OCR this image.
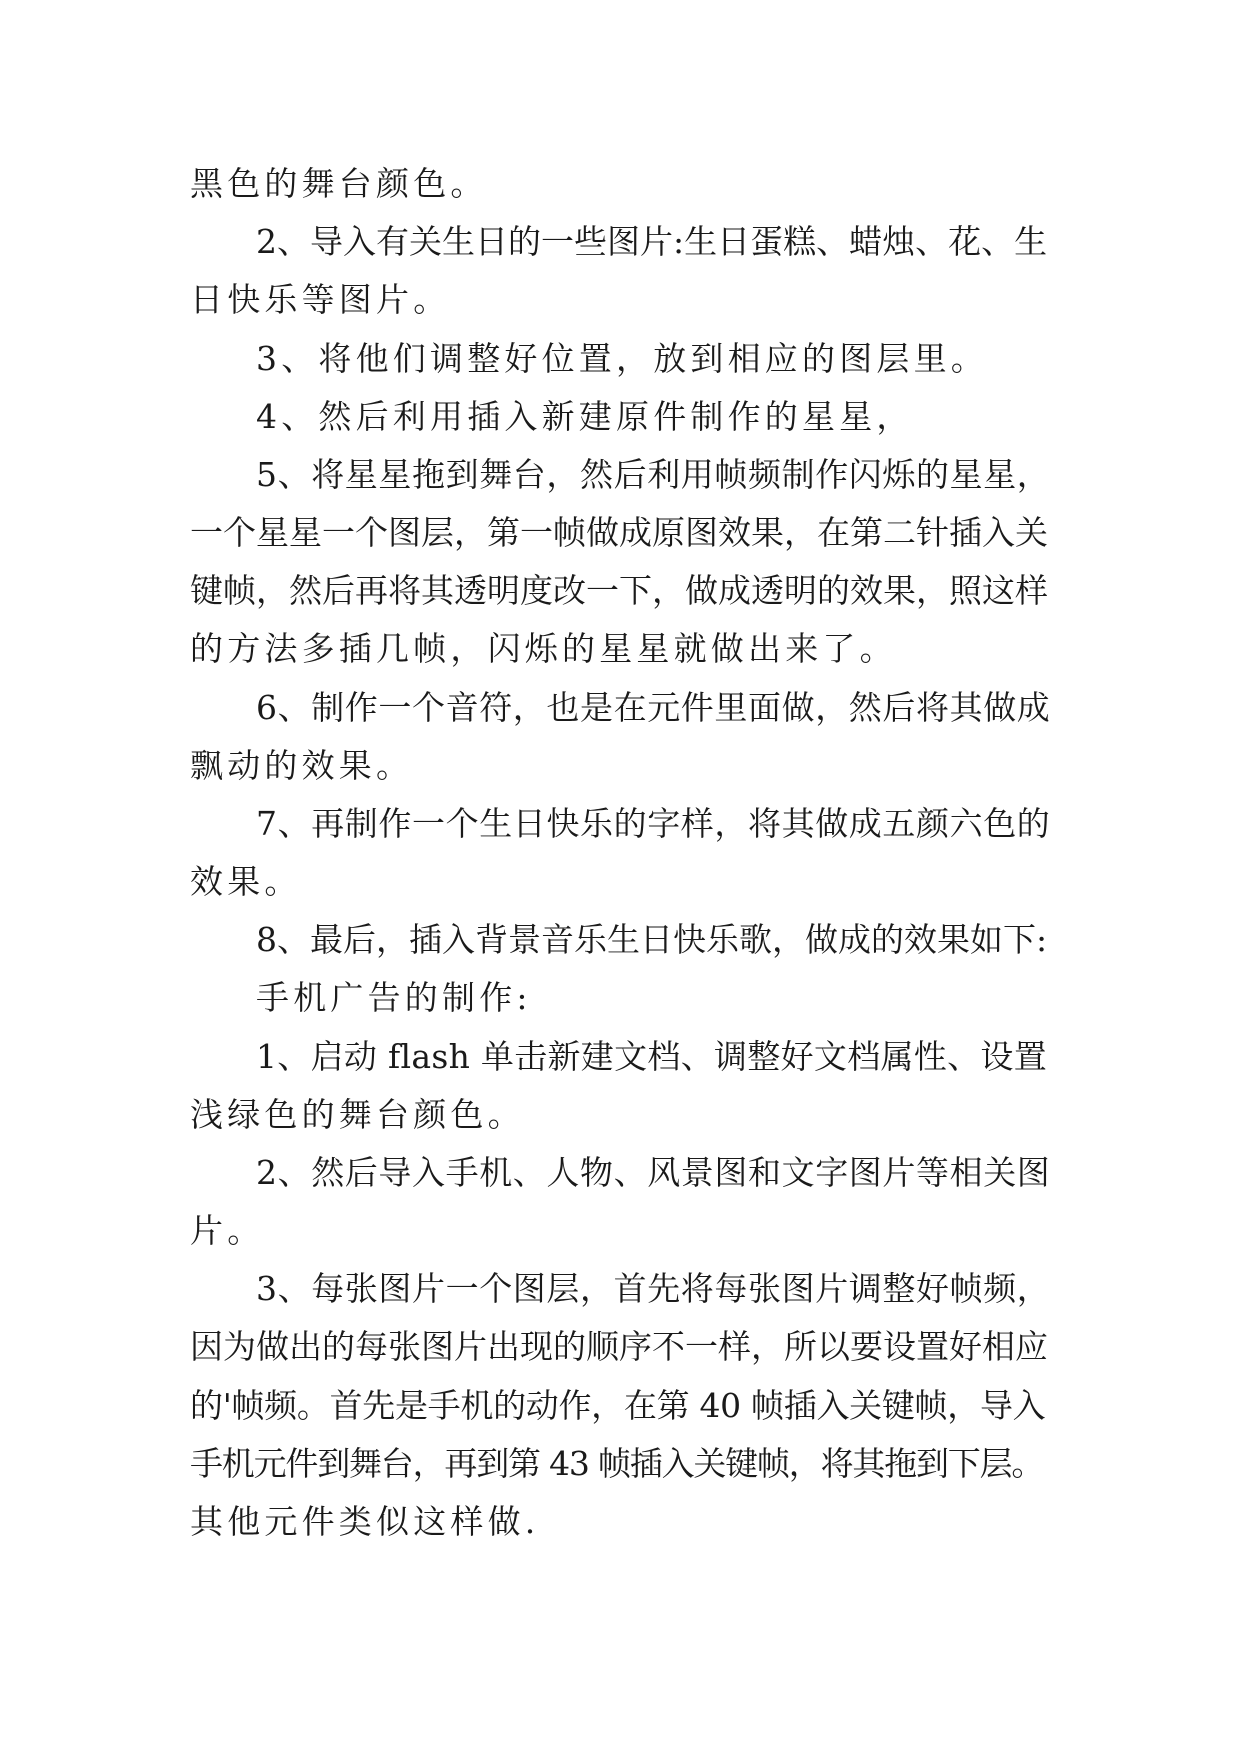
黑色的舞台颜色。
2、导入有关生日的一些图片:生日蛋糕、蜡烛、花、生
日快乐等图片。
3、将他们调整好位置，放到相应的图层里。
4、然后利用插入新建原件制作的星星，
5、将星星拖到舞台，然后利用帧频制作闪烁的星星，
一个星星一个图层，第一帧做成原图效果，在第二针插入关
键帧，然后再将其透明度改一下，做成透明的效果，照这样
的方法多插几帧，闪烁的星星就做出来了。
6、制作一个音符，也是在元件里面做，然后将其做成
飘动的效果。
7、再制作一个生日快乐的字样，将其做成五颜六色的
效果。
8、最后，插入背景音乐生日快乐歌，做成的效果如下:
手机广告的制作:
1、启动 flash 单击新建文档、调整好文档属性、设置
浅绿色的舞台颜色。
2、然后导入手机、人物、风景图和文字图片等相关图
片。
3、每张图片一个图层，首先将每张图片调整好帧频，
因为做出的每张图片出现的顺序不一样，所以要设置好相应
的'帧频。首先是手机的动作，在第 40 帧插入关键帧，导入
手机元件到舞台，再到第 43 帧插入关键帧，将其拖到下层。
其他元件类似这样做.
